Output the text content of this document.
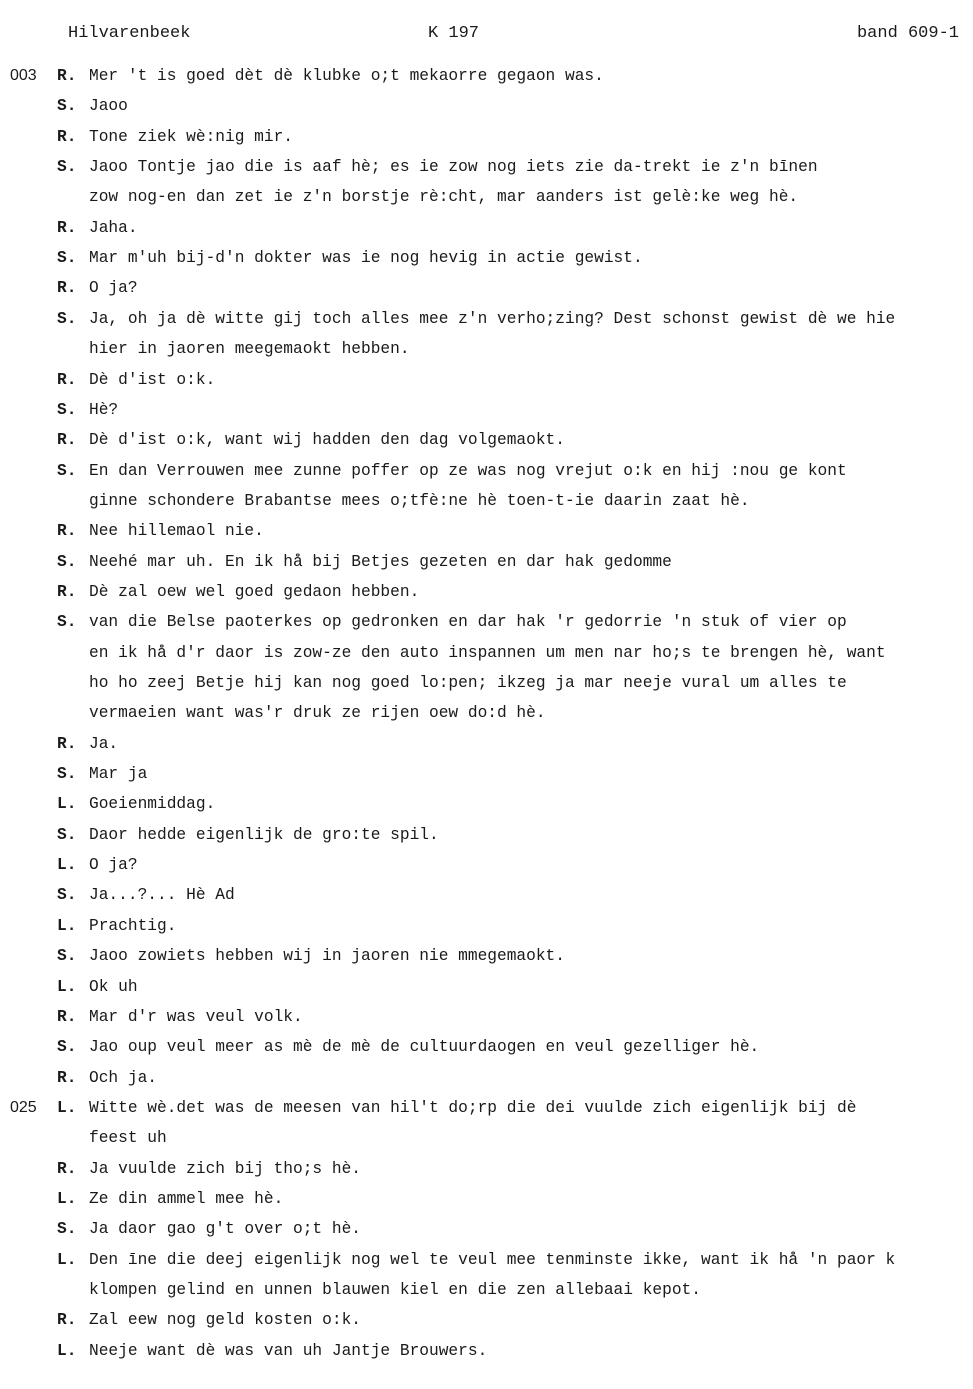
Hilvarenbeek	K 197	band 609-1
003 R. Mer 't is goed dèt dè klubke o;t mekaorre gegaon was.
S. Jaoo
R. Tone ziek wè:nig mir.
S. Jaoo Tontje jao die is aaf hè; es ie zow nog iets zie da-trekt ie z'n bīnen
zow nog-en dan zet ie z'n borstje rè:cht, mar aanders ist gelè:ke weg hè.
R. Jaha.
S. Mar m'uh bij-d'n dokter was ie nog hevig in actie gewist.
R. O ja?
S. Ja, oh ja dè witte gij toch alles mee z'n verho;zing? Dest schonst gewist dè we hie
hier in jaoren meegemaokt hebben.
R. Dè d'ist o:k.
S. Hè?
R. Dè d'ist o:k, want wij hadden den dag volgemaokt.
S. En dan Verrouwen mee zunne poffer op ze was nog vrejut o:k en hij :nou ge kont
ginne schondere Brabantse mees o;tfè:ne hè toen-t-ie daarin zaat hè.
R. Nee hillemaol nie.
S. Neehé mar uh. En ik hå bij Betjes gezeten en dar hak gedomme
R. Dè zal oew wel goed gedaon hebben.
S. van die Belse paoterkes op gedronken en dar hak 'r gedorrie 'n stuk of vier op
en ik hå d'r daor is zow-ze den auto inspannen um men nar ho;s te brengen hè, want
ho ho zeej Betje hij kan nog goed lo:pen; ikzeg ja mar neeje vural um alles te
vermaeien want was'r druk ze rijen oew do:d hè.
R. Ja.
S. Mar ja
L. Goeienmiddag.
S. Daor hedde eigenlijk de gro:te spil.
L. O ja?
S. Ja...?... Hè Ad
L. Prachtig.
S. Jaoo zowiets hebben wij in jaoren nie mmegemaokt.
L. Ok uh
R. Mar d'r was veul volk.
S. Jao oup veul meer as mè de mè de cultuurdaogen en veul gezelliger hè.
R. Och ja.
025 L. Witte wè.det was de meesen van hil't do;rp die dei vuulde zich eigenlijk bij dè
feest uh
R. Ja vuulde zich bij tho;s hè.
L. Ze din ammel mee hè.
S. Ja daor gao g't over o;t hè.
L. Den īne die deej eigenlijk nog wel te veul mee tenminste ikke, want ik hå 'n paor k
klompen gelind en unnen blauwen kiel en die zen allebaai kepot.
R. Zal eew nog geld kosten o:k.
L. Neeje want dè was van uh Jantje Brouwers.
